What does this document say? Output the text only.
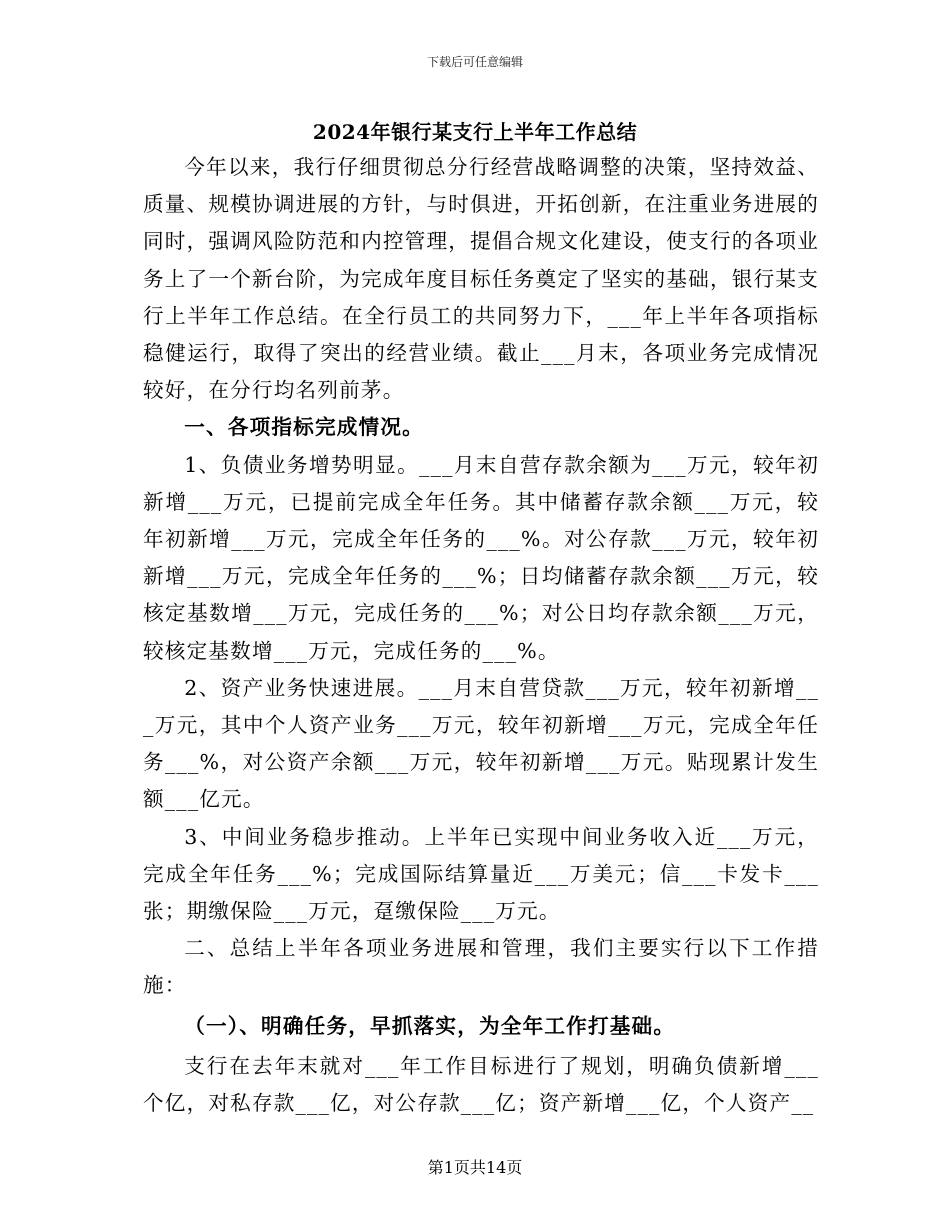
下载后可任意编辑
2024年银行某支行上半年工作总结

今年以来，我行仔细贯彻总分行经营战略调整的决策，坚持效益、质量、规模协调进展的方针，与时俱进，开拓创新，在注重业务进展的同时，强调风险防范和内控管理，提倡合规文化建设，使支行的各项业务上了一个新台阶，为完成年度目标任务奠定了坚实的基础，银行某支行上半年工作总结。在全行员工的共同努力下，___年上半年各项指标稳健运行，取得了突出的经营业绩。截止___月末，各项业务完成情况较好，在分行均名列前茅。

一、各项指标完成情况。

1、负债业务增势明显。___月末自营存款余额为___万元，较年初新增___万元，已提前完成全年任务。其中储蓄存款余额___万元，较年初新增___万元，完成全年任务的___%。对公存款___万元，较年初新增___万元，完成全年任务的___%；日均储蓄存款余额___万元，较核定基数增___万元，完成任务的___%；对公日均存款余额___万元，较核定基数增___万元，完成任务的___%。

2、资产业务快速进展。___月末自营贷款___万元，较年初新增___万元，其中个人资产业务___万元，较年初新增___万元，完成全年任务___%，对公资产余额___万元，较年初新增___万元。贴现累计发生额___亿元。

3、中间业务稳步推动。上半年已实现中间业务收入近___万元，完成全年任务___%；完成国际结算量近___万美元；信___卡发卡___张；期缴保险___万元，趸缴保险___万元。

二、总结上半年各项业务进展和管理，我们主要实行以下工作措施：

（一）、明确任务，早抓落实，为全年工作打基础。

支行在去年末就对___年工作目标进行了规划，明确负债新增___个亿，对私存款___亿，对公存款___亿；资产新增___亿，个人资产__

第1页共14页
